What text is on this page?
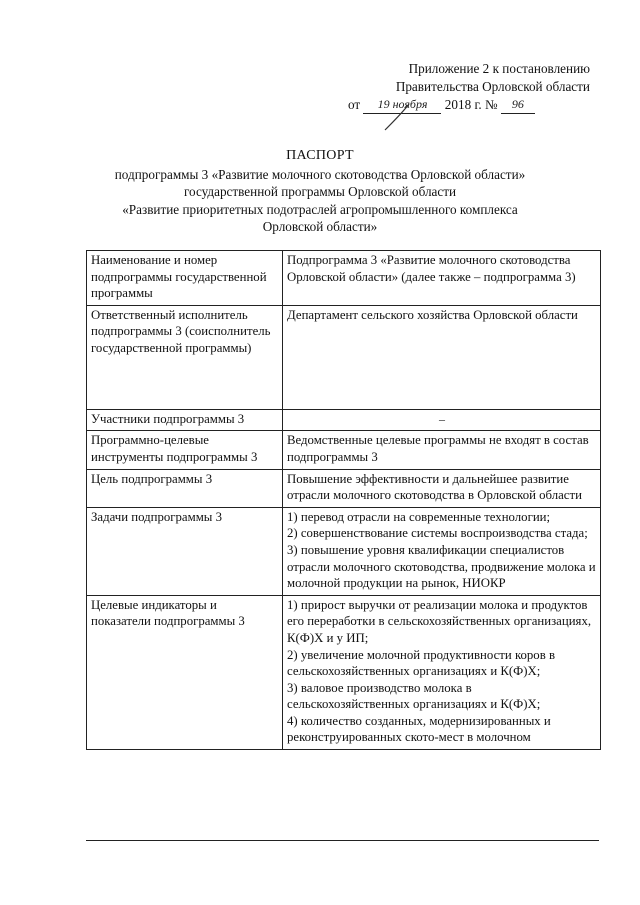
Приложение 2 к постановлению
Правительства Орловской области
от 19 ноября 2018 г. № 96
ПАСПОРТ
подпрограммы 3 «Развитие молочного скотоводства Орловской области»
государственной программы Орловской области
«Развитие приоритетных подотраслей агропромышленного комплекса
Орловской области»
Наименование и номер подпрограммы государственной программы	Подпрограмма 3 «Развитие молочного скотоводства Орловской области» (далее также – подпрограмма 3)
Ответственный исполнитель подпрограммы 3 (соисполнитель государственной программы)	Департамент сельского хозяйства Орловской области
Участники подпрограммы 3	–
Программно-целевые инструменты подпрограммы 3	Ведомственные целевые программы не входят в состав подпрограммы 3
Цель подпрограммы 3	Повышение эффективности и дальнейшее развитие отрасли молочного скотоводства в Орловской области
Задачи подпрограммы 3	1) перевод отрасли на современные технологии;
2) совершенствование системы воспроизводства стада;
3) повышение уровня квалификации специалистов отрасли молочного скотоводства, продвижение молока и молочной продукции на рынок, НИОКР

Целевые индикаторы и показатели подпрограммы 3	1) прирост выручки от реализации молока и продуктов его переработки в сельскохозяйственных организациях, К(Ф)Х и у ИП;
2) увеличение молочной продуктивности коров в сельскохозяйственных организациях и К(Ф)Х;
3) валовое производство молока в сельскохозяйственных организациях и К(Ф)Х;
4) количество созданных, модернизированных и реконструированных ското-мест в молочном
